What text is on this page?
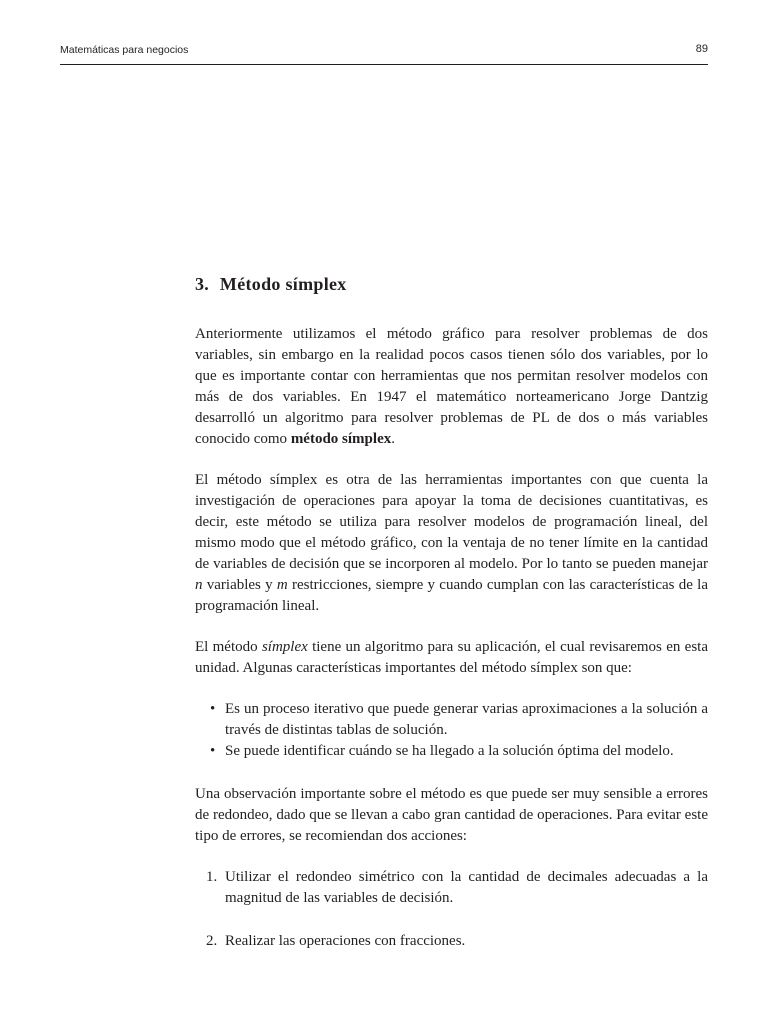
Matemáticas para negocios	89
3. Método símplex

Anteriormente utilizamos el método gráfico para resolver problemas de dos variables, sin embargo en la realidad pocos casos tienen sólo dos variables, por lo que es importante contar con herramientas que nos permitan resolver modelos con más de dos variables. En 1947 el matemático norteamericano Jorge Dantzig desarrolló un algoritmo para resolver problemas de PL de dos o más variables conocido como método símplex.

El método símplex es otra de las herramientas importantes con que cuenta la investigación de operaciones para apoyar la toma de decisiones cuantitativas, es decir, este método se utiliza para resolver modelos de programación lineal, del mismo modo que el método gráfico, con la ventaja de no tener límite en la cantidad de variables de decisión que se incorporen al modelo. Por lo tanto se pueden manejar n variables y m restricciones, siempre y cuando cumplan con las características de la programación lineal.

El método símplex tiene un algoritmo para su aplicación, el cual revisaremos en esta unidad. Algunas características importantes del método símplex son que:

• Es un proceso iterativo que puede generar varias aproximaciones a la solución a través de distintas tablas de solución.
• Se puede identificar cuándo se ha llegado a la solución óptima del modelo.

Una observación importante sobre el método es que puede ser muy sensible a errores de redondeo, dado que se llevan a cabo gran cantidad de operaciones. Para evitar este tipo de errores, se recomiendan dos acciones:

1. Utilizar el redondeo simétrico con la cantidad de decimales adecuadas a la magnitud de las variables de decisión.
2. Realizar las operaciones con fracciones.
